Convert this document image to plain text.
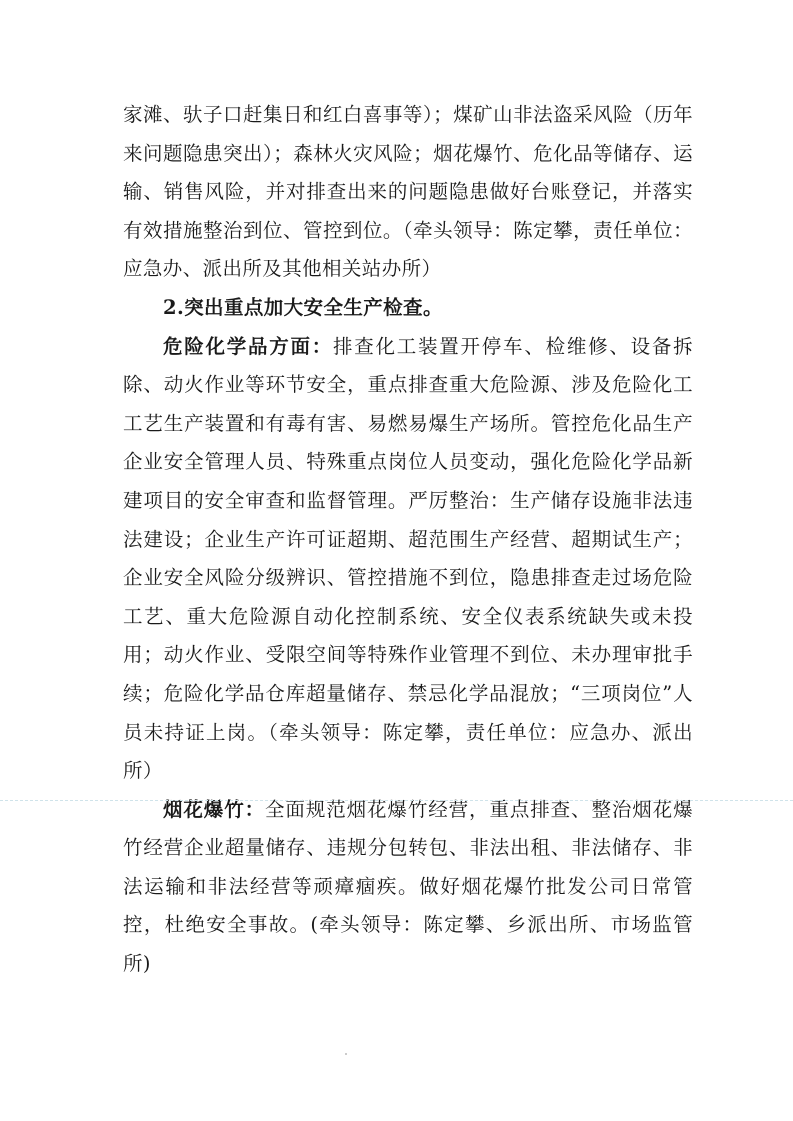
家滩、驮子口赶集日和红白喜事等）；煤矿山非法盗采风险（历年来问题隐患突出）；森林火灾风险；烟花爆竹、危化品等储存、运输、销售风险，并对排查出来的问题隐患做好台账登记，并落实有效措施整治到位、管控到位。（牵头领导：陈定攀，责任单位：应急办、派出所及其他相关站办所）

2.突出重点加大安全生产检查。

危险化学品方面：排查化工装置开停车、检维修、设备拆除、动火作业等环节安全，重点排查重大危险源、涉及危险化工工艺生产装置和有毒有害、易燃易爆生产场所。管控危化品生产企业安全管理人员、特殊重点岗位人员变动，强化危险化学品新建项目的安全审查和监督管理。严厉整治：生产储存设施非法违法建设；企业生产许可证超期、超范围生产经营、超期试生产；企业安全风险分级辨识、管控措施不到位，隐患排查走过场危险工艺、重大危险源自动化控制系统、安全仪表系统缺失或未投用；动火作业、受限空间等特殊作业管理不到位、未办理审批手续；危险化学品仓库超量储存、禁忌化学品混放；“三项岗位”人员未持证上岗。（牵头领导：陈定攀，责任单位：应急办、派出所）

烟花爆竹：全面规范烟花爆竹经营，重点排查、整治烟花爆竹经营企业超量储存、违规分包转包、非法出租、非法储存、非法运输和非法经营等顽瘴痼疾。做好烟花爆竹批发公司日常管控，杜绝安全事故。(牵头领导：陈定攀、乡派出所、市场监管所)
